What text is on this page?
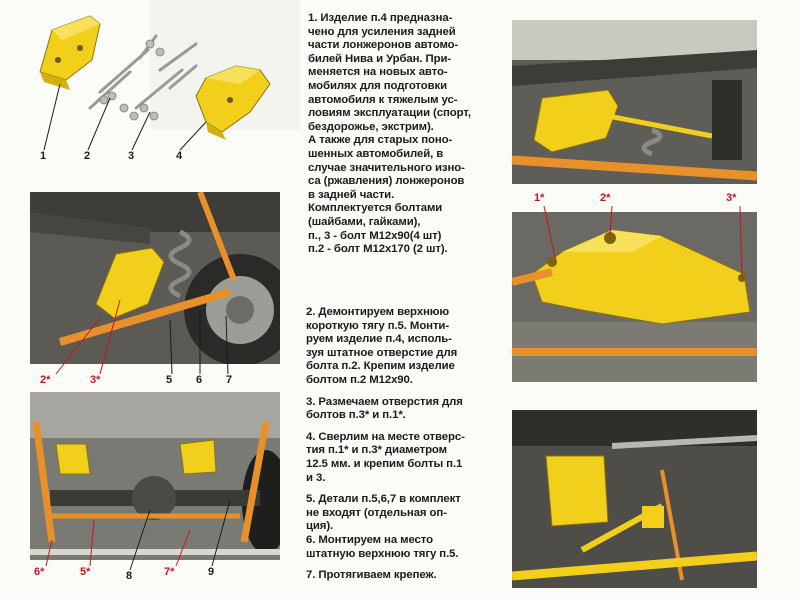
1	2	3	4
2*	3*	5 6 7
6*	5*	8	7*	9

1. Изделие п.4 предназна-
чено для усиления задней
части лонжеронов автомо-
билей Нива и Урбан. При-
меняется на новых авто-
мобилях для подготовки
автомобиля к тяжелым ус-
ловиям эксплуатации (спорт,
бездорожье, экстрим).
А также для старых поно-
шенных автомобилей, в
случае значительного изно-
са (ржавления) лонжеронов
в задней части.

Комплектуется болтами
(шайбами, гайками),
п., 3 - болт М12х90(4 шт)
п.2 - болт М12х170 (2 шт).

2. Демонтируем верхнюю
короткую тягу п.5. Монти-
руем изделие п.4, исполь-
зуя штатное отверстие для
болта п.2. Крепим изделие
болтом п.2 М12х90.

3. Размечаем отверстия для
болтов п.3* и п.1*.

4. Сверлим на месте отверс-
тия п.1* и п.3* диаметром
12.5 мм. и крепим болты п.1
и 3.

5. Детали п.5,6,7 в комплект
не входят (отдельная оп-
ция).

6. Монтируем на место
штатную верхнюю тягу п.5.

7. Протягиваем крепеж.

1*	2*	3*
